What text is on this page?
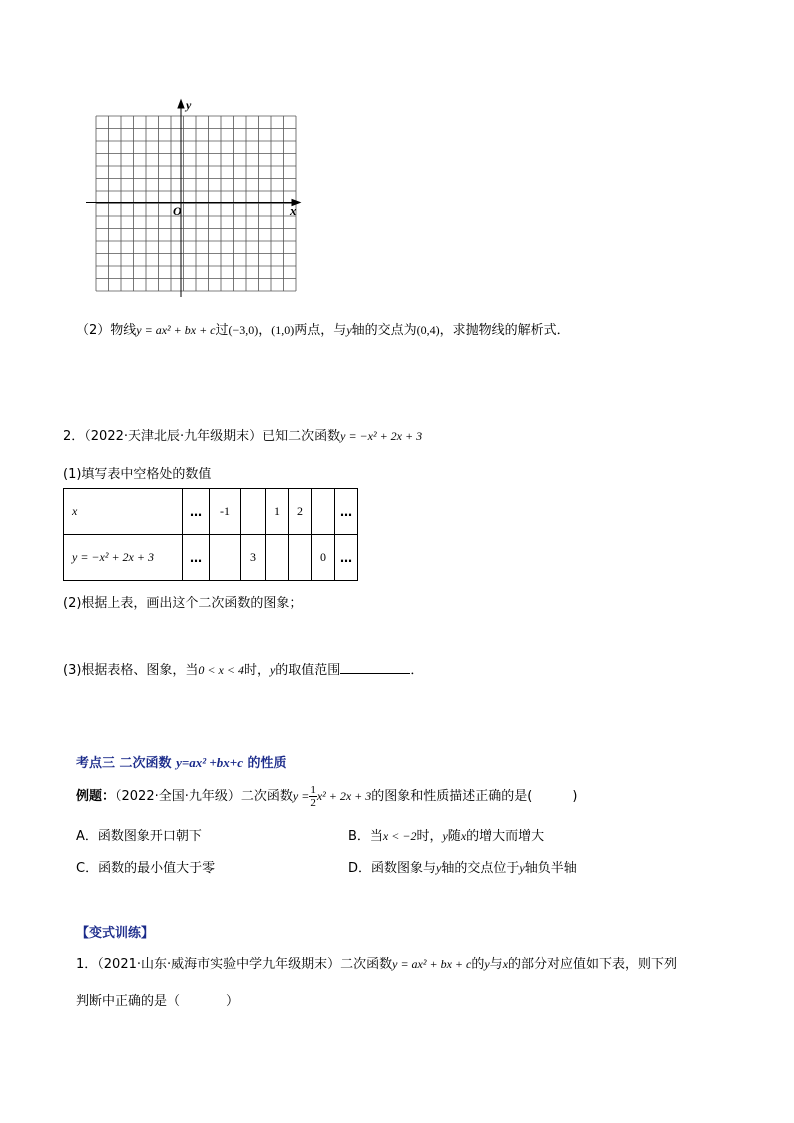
y
x
O
（2）物线y = ax² + bx + c过(−3,0)，(1,0)两点，与y轴的交点为(0,4)，求抛物线的解析式．
2．（2022·天津北辰·九年级期末）已知二次函数y = −x² + 2x + 3
(1)填写表中空格处的数值
x	…	-1		1	2		…
y = −x² + 2x + 3	…		3			0	…
(2)根据上表，画出这个二次函数的图象；
(3)根据表格、图象，当0 < x < 4时，y的取值范围	．
考点三 二次函数 y=ax² +bx+c 的性质
例题：（2022·全国·九年级）二次函数$y = \frac{1}{2} x^2 + 2x + 3$的图象和性质描述正确的是(	)
A．函数图象开口朝下	B．当x < −2时，y随x的增大而增大
C．函数的最小值大于零	D．函数图象与y轴的交点位于y轴负半轴
【变式训练】
1．（2021·山东·威海市实验中学九年级期末）二次函数y = ax² + bx + c的y与x的部分对应值如下表，则下列
判断中正确的是（	）
